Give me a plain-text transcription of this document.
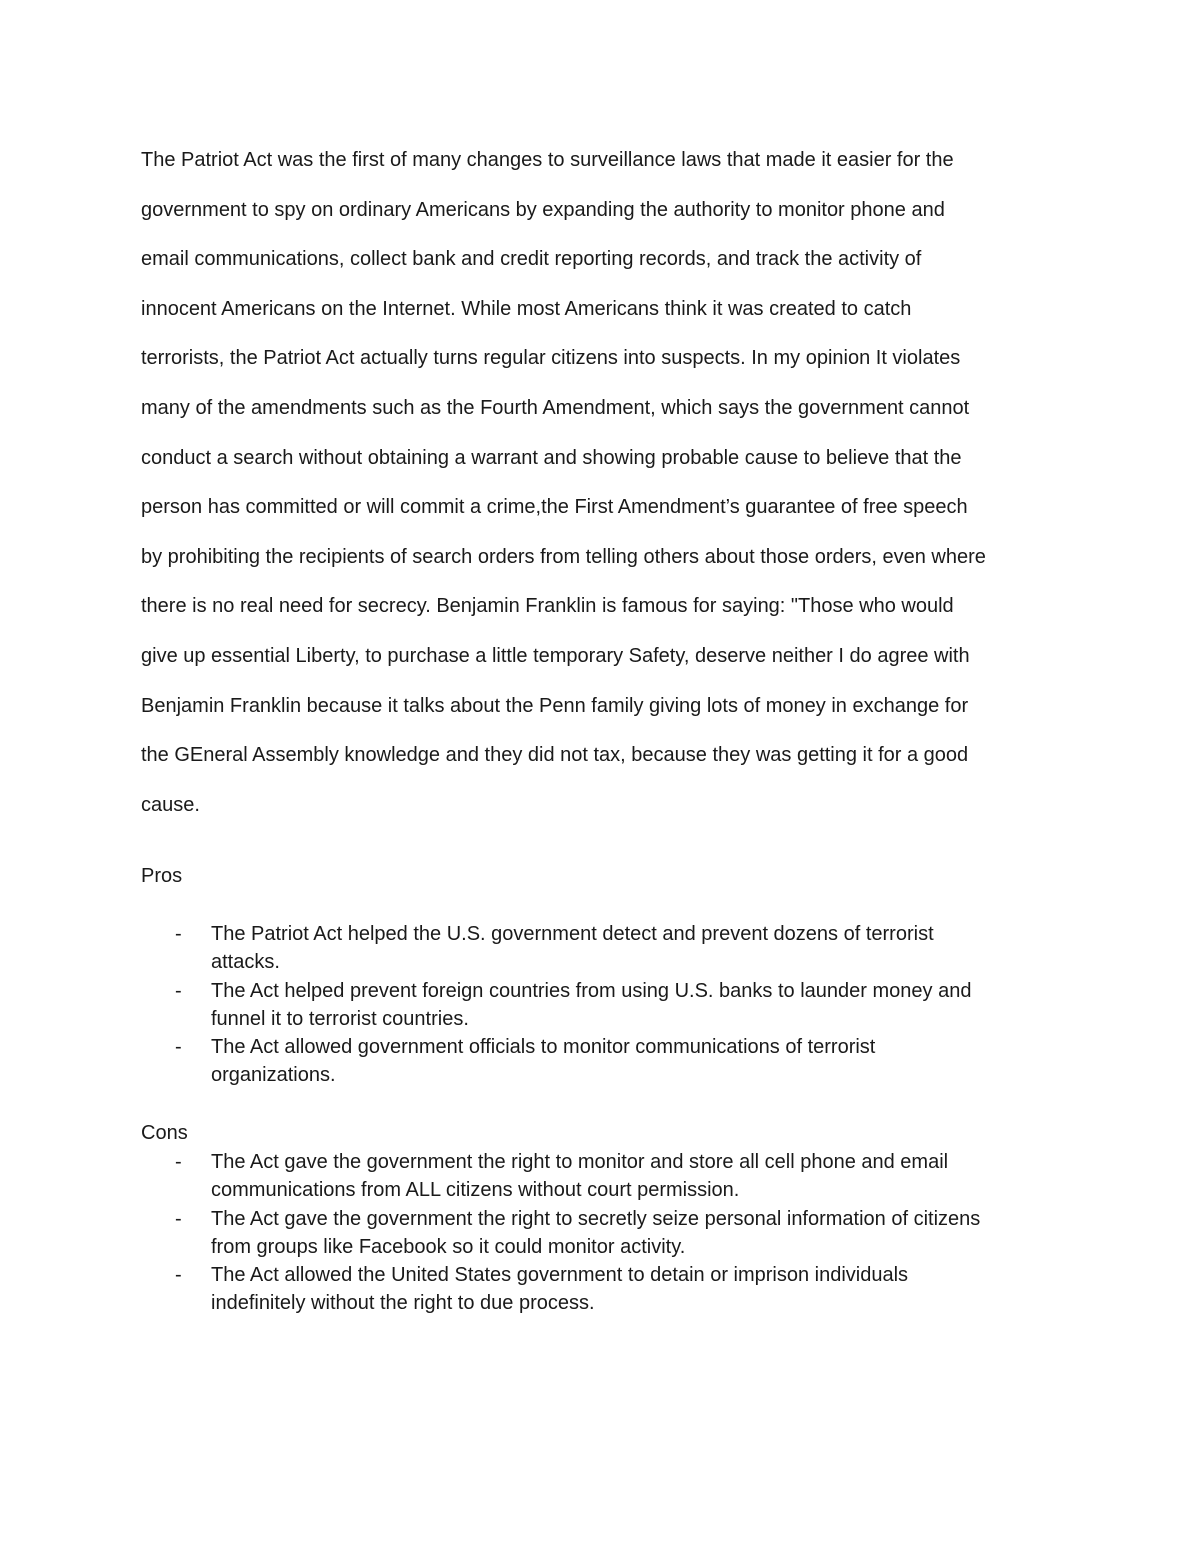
The Patriot Act was the first of many changes to surveillance laws that made it easier for the
government to spy on ordinary Americans by expanding the authority to monitor phone and
email communications, collect bank and credit reporting records, and track the activity of
innocent Americans on the Internet. While most Americans think it was created to catch
terrorists, the Patriot Act actually turns regular citizens into suspects. In my opinion It violates
many of the amendments such as the Fourth Amendment, which says the government cannot
conduct a search without obtaining a warrant and showing probable cause to believe that the
person has committed or will commit a crime,the First Amendment’s guarantee of free speech
by prohibiting the recipients of search orders from telling others about those orders, even where
there is no real need for secrecy. Benjamin Franklin is famous for saying: "Those who would
give up essential Liberty, to purchase a little temporary Safety, deserve neither I do agree with
Benjamin Franklin because it talks about the Penn family giving lots of money in exchange for
the GEneral Assembly knowledge and they did not tax, because they was getting it for a good
cause.

Pros
- The Patriot Act helped the U.S. government detect and prevent dozens of terrorist
attacks.
- The Act helped prevent foreign countries from using U.S. banks to launder money and
funnel it to terrorist countries.
- The Act allowed government officials to monitor communications of terrorist
organizations.
Cons
- The Act gave the government the right to monitor and store all cell phone and email
communications from ALL citizens without court permission.
- The Act gave the government the right to secretly seize personal information of citizens
from groups like Facebook so it could monitor activity.
- The Act allowed the United States government to detain or imprison individuals
indefinitely without the right to due process.
